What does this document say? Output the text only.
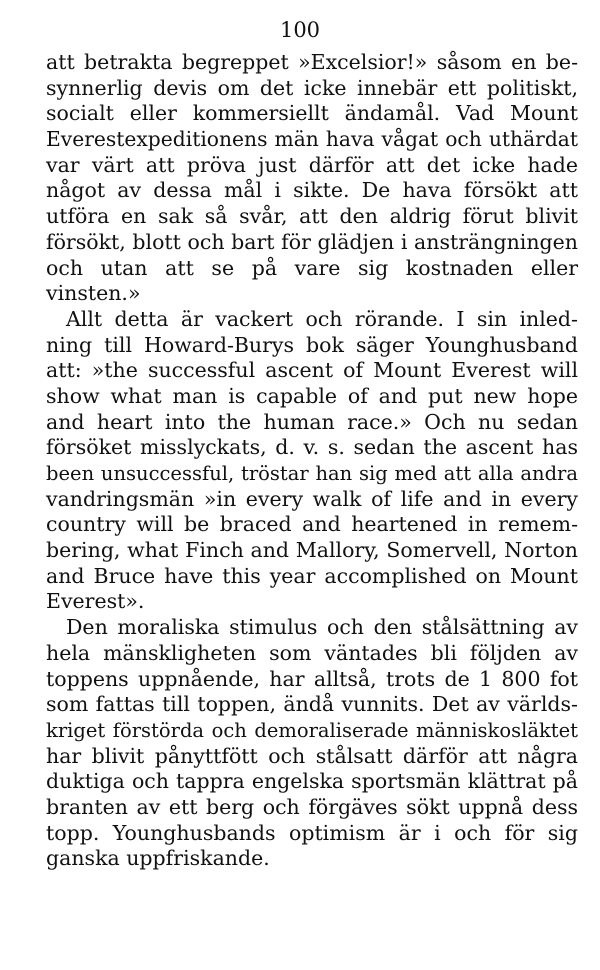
100
att betrakta begreppet »Excelsior!» såsom en be-
synnerlig devis om det icke innebär ett politiskt,
socialt eller kommersiellt ändamål. Vad Mount
Everestexpeditionens män hava vågat och uthärdat
var värt att pröva just därför att det icke hade
något av dessa mål i sikte. De hava försökt att
utföra en sak så svår, att den aldrig förut blivit
försökt, blott och bart för glädjen i ansträngningen
och utan att se på vare sig kostnaden eller
vinsten.»
Allt detta är vackert och rörande. I sin inled-
ning till Howard-Burys bok säger Younghusband
att: »the successful ascent of Mount Everest will
show what man is capable of and put new hope
and heart into the human race.» Och nu sedan
försöket misslyckats, d. v. s. sedan the ascent has
been unsuccessful, tröstar han sig med att alla andra
vandringsmän »in every walk of life and in every
country will be braced and heartened in remem-
bering, what Finch and Mallory, Somervell, Norton
and Bruce have this year accomplished on Mount
Everest».
Den moraliska stimulus och den stålsättning av
hela mänskligheten som väntades bli följden av
toppens uppnående, har alltså, trots de 1 800 fot
som fattas till toppen, ändå vunnits. Det av världs-
kriget förstörda och demoraliserade människosläktet
har blivit pånyttfött och stålsatt därför att några
duktiga och tappra engelska sportsmän klättrat på
branten av ett berg och förgäves sökt uppnå dess
topp. Younghusbands optimism är i och för sig
ganska uppfriskande.
